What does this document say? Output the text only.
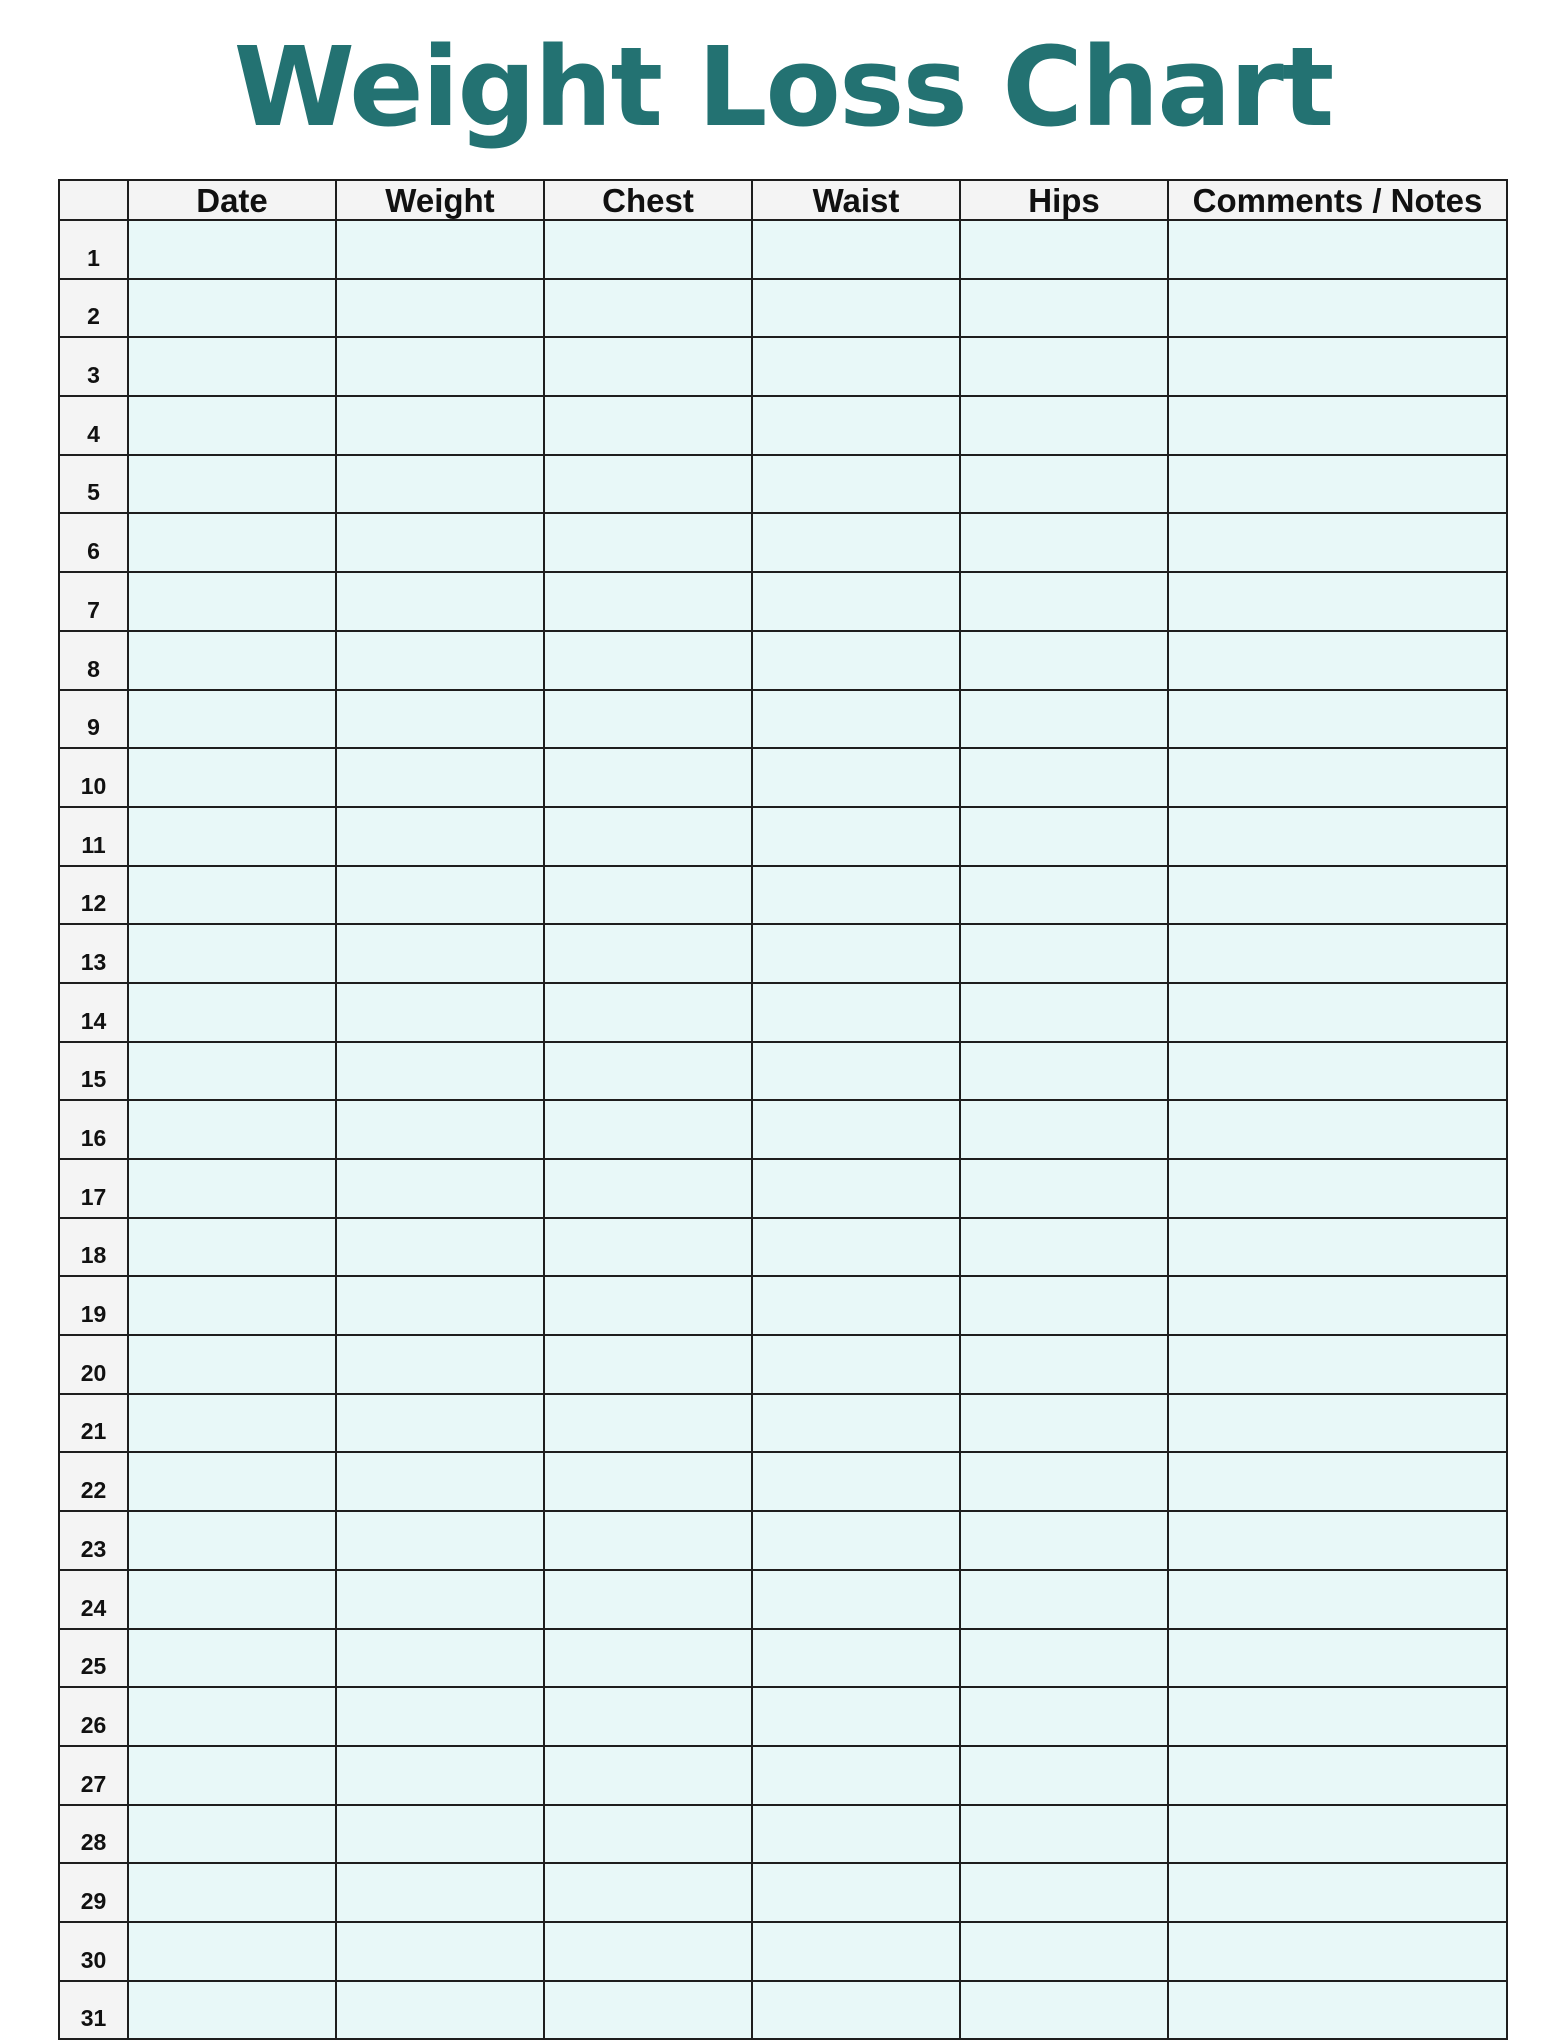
Weight Loss Chart
	Date	Weight	Chest	Waist	Hips	Comments / Notes
1						
2						
3						
4						
5						
6						
7						
8						
9						
10						
11						
12						
13						
14						
15						
16						
17						
18						
19						
20						
21						
22						
23						
24						
25						
26						
27						
28						
29						
30						
31						
